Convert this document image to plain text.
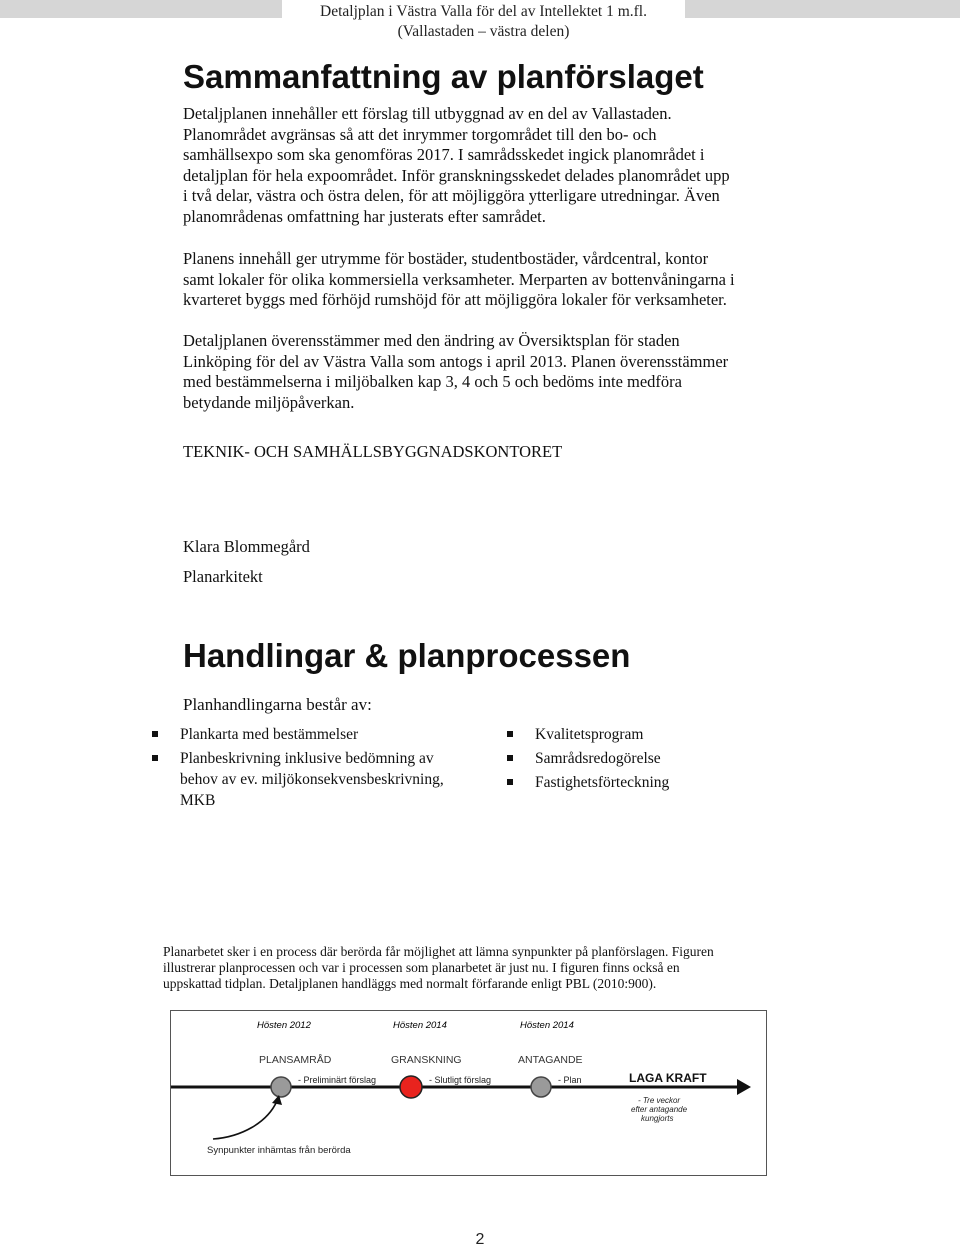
Detaljplan i Västra Valla för del av Intellektet 1 m.fl.
(Vallastaden – västra delen)
Sammanfattning av planförslaget
Detaljplanen innehåller ett förslag till utbyggnad av en del av Vallastaden.
Planområdet avgränsas så att det inrymmer torgområdet till den bo- och
samhällsexpo som ska genomföras 2017. I samrådsskedet ingick planområdet i
detaljplan för hela expoområdet. Inför granskningsskedet delades planområdet upp
i två delar, västra och östra delen, för att möjliggöra ytterligare utredningar. Även
planområdenas omfattning har justerats efter samrådet.
Planens innehåll ger utrymme för bostäder, studentbostäder, vårdcentral, kontor
samt lokaler för olika kommersiella verksamheter. Merparten av bottenvåningarna i
kvarteret byggs med förhöjd rumshöjd för att möjliggöra lokaler för verksamheter.
Detaljplanen överensstämmer med den ändring av Översiktsplan för staden
Linköping för del av Västra Valla som antogs i april 2013. Planen överensstämmer
med bestämmelserna i miljöbalken kap 3, 4 och 5 och bedöms inte medföra
betydande miljöpåverkan.

TEKNIK- OCH SAMHÄLLSBYGGNADSKONTORET

Klara Blommegård

Planarkitekt

Handlingar & planprocessen

Planhandlingarna består av:

Plankarta med bestämmelser
Planbeskrivning inklusive bedömning av behov av ev. miljökonsekvensbeskrivning, MKB
Kvalitetsprogram
Samrådsredogörelse
Fastighetsförteckning
Planarbetet sker i en process där berörda får möjlighet att lämna synpunkter på planförslagen. Figuren
illustrerar planprocessen och var i processen som planarbetet är just nu. I figuren finns också en
uppskattad tidplan. Detaljplanen handläggs med normalt förfarande enligt PBL (2010:900).
Hösten 2012	Hösten 2014	Hösten 2014
PLANSAMRÅD	GRANSKNING	ANTAGANDE
- Preliminärt förslag	- Slutligt förslag	- Plan	LAGA KRAFT
- Tre veckor
efter antagande
kungjorts
Synpunkter inhämtas från berörda
2
